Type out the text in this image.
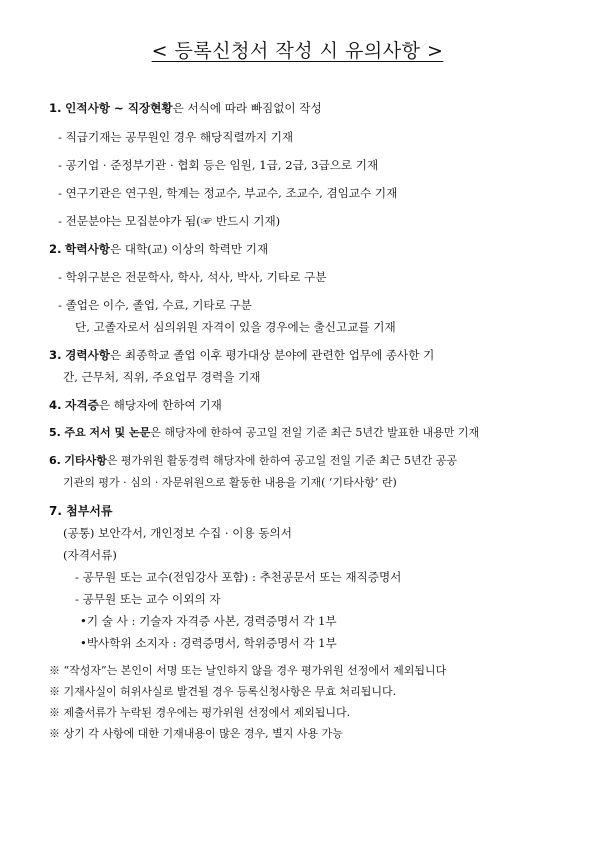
< 등록신청서 작성 시 유의사항 >
1. 인적사항 ~ 직장현황은 서식에 따라 빠짐없이 작성
- 직급기재는 공무원인 경우 해당직렬까지 기재
- 공기업 · 준정부기관 · 협회 등은 임원, 1급, 2급, 3급으로 기재
- 연구기관은 연구원, 학계는 정교수, 부교수, 조교수, 겸임교수 기재
- 전문분야는 모집분야가 됨(☞ 반드시 기재)
2. 학력사항은 대학(교) 이상의 학력만 기재
- 학위구분은 전문학사, 학사, 석사, 박사, 기타로 구분
- 졸업은 이수, 졸업, 수료, 기타로 구분
단, 고졸자로서 심의위원 자격이 있을 경우에는 출신고교를 기재
3. 경력사항은 최종학교 졸업 이후 평가대상 분야에 관련한 업무에 종사한 기
간, 근무처, 직위, 주요업무 경력을 기재
4. 자격증은 해당자에 한하여 기재
5. 주요 저서 및 논문은 해당자에 한하여 공고일 전일 기준 최근 5년간 발표한 내용만 기재
6. 기타사항은 평가위원 활동경력 해당자에 한하여 공고일 전일 기준 최근 5년간 공공
기관의 평가 · 심의 · 자문위원으로 활동한 내용을 기재( ‘기타사항’ 란)
7. 첨부서류
(공통) 보안각서, 개인정보 수집 · 이용 동의서
(자격서류)
- 공무원 또는 교수(전임강사 포함) : 추천공문서 또는 재직증명서
- 공무원 또는 교수 이외의 자
•기 술 사 : 기술자 자격증 사본, 경력증명서 각 1부
•박사학위 소지자 : 경력증명서, 학위증명서 각 1부
※ “작성자”는 본인이 서명 또는 날인하지 않을 경우 평가위원 선정에서 제외됩니다
※ 기재사실이 허위사실로 발견될 경우 등록신청사항은 무효 처리됩니다.
※ 제출서류가 누락된 경우에는 평가위원 선정에서 제외됩니다.
※ 상기 각 사항에 대한 기재내용이 많은 경우, 별지 사용 가능
